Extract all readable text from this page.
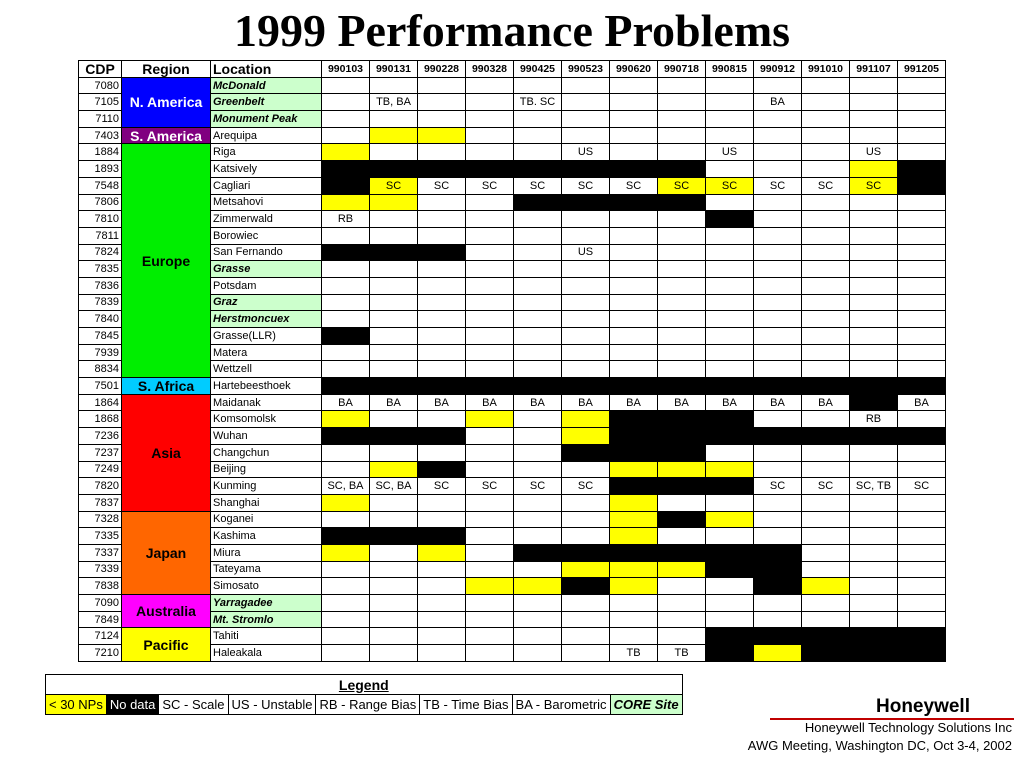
1999 Performance Problems
CDP	Region	Location	990103	990131	990228	990328	990425	990523	990620	990718	990815	990912	991010	991107	991205
7080	N. America	McDonald													
7105		Greenbelt		TB, BA			TB. SC					BA			
7110		Monument Peak													
7403	S. America	Arequipa													
1884	Europe	Riga						US			US			US	
1893		Katsively													
7548		Cagliari		SC	SC	SC	SC	SC	SC	SC	SC	SC	SC	SC	
7806		Metsahovi													
7810		Zimmerwald	RB												
7811		Borowiec													
7824		San Fernando						US							
7835		Grasse													
7836		Potsdam													
7839		Graz													
7840		Herstmoncuex													
7845		Grasse(LLR)													
7939		Matera													
8834		Wettzell													
7501	S. Africa	Hartebeesthoek													
1864	Asia	Maidanak	BA	BA	BA	BA	BA	BA	BA	BA	BA	BA	BA		BA
1868		Komsomolsk												RB	
7236		Wuhan													
7237		Changchun													
7249		Beijing													
7820		Kunming	SC, BA	SC, BA	SC	SC	SC	SC				SC	SC	SC, TB	SC
7837		Shanghai													
7328	Japan	Koganei													
7335		Kashima													
7337		Miura													
7339		Tateyama													
7838		Simosato													
7090	Australia	Yarragadee													
7849		Mt. Stromlo													
7124	Pacific	Tahiti													
7210		Haleakala							TB	TB					
Legend
< 30 NPs	No data	SC - Scale	US - Unstable	RB - Range Bias	TB - Time Bias	BA - Barometric	CORE Site	Honeywell
Honeywell Technology Solutions Inc
AWG Meeting, Washington DC, Oct 3-4, 2002
